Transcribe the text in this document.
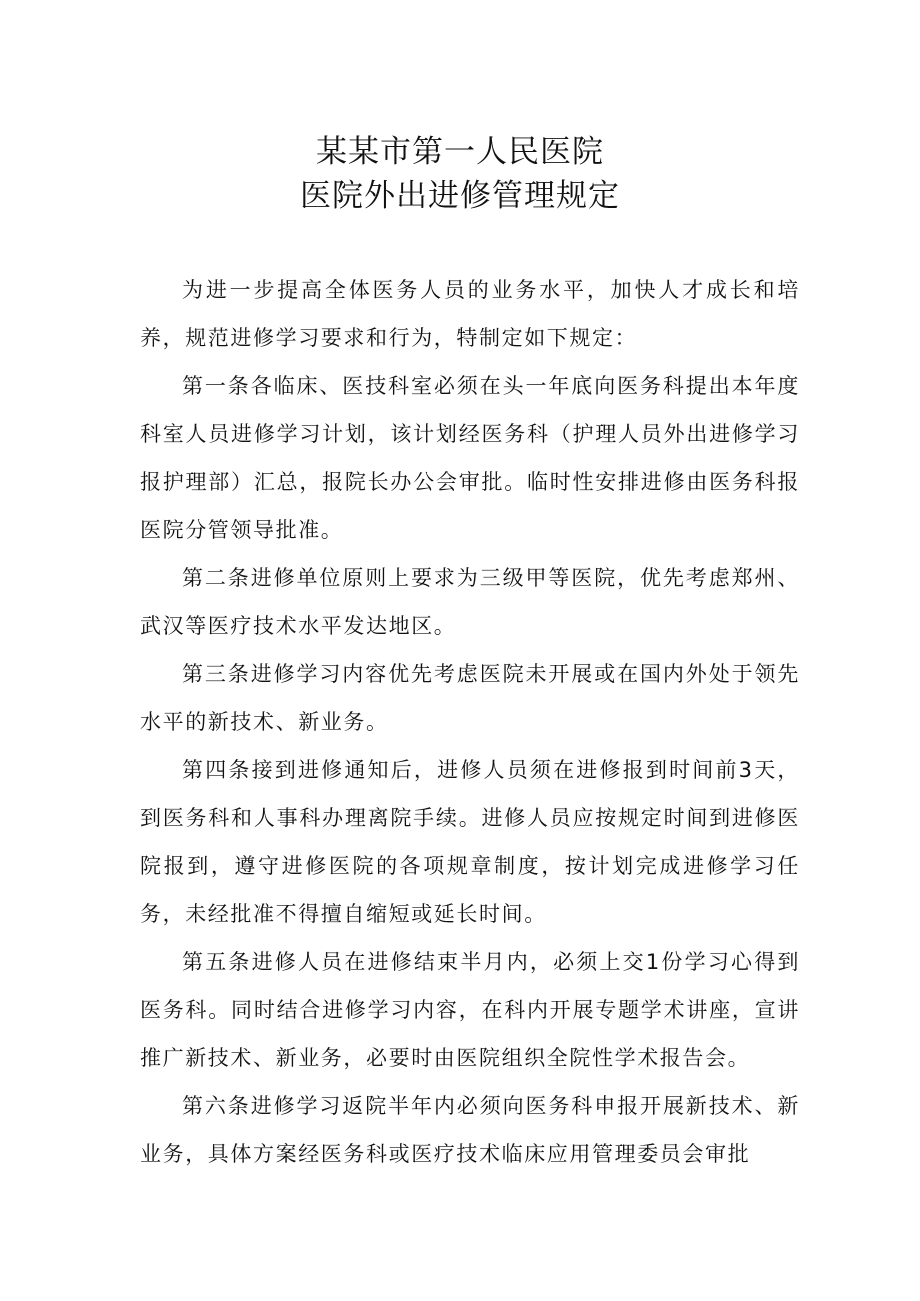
某某市第一人民医院
医院外出进修管理规定

为进一步提高全体医务人员的业务水平，加快人才成长和培养，规范进修学习要求和行为，特制定如下规定：

第一条各临床、医技科室必须在头一年底向医务科提出本年度科室人员进修学习计划，该计划经医务科（护理人员外出进修学习报护理部）汇总，报院长办公会审批。临时性安排进修由医务科报医院分管领导批准。

第二条进修单位原则上要求为三级甲等医院，优先考虑郑州、武汉等医疗技术水平发达地区。

第三条进修学习内容优先考虑医院未开展或在国内外处于领先水平的新技术、新业务。

第四条接到进修通知后，进修人员须在进修报到时间前3天，到医务科和人事科办理离院手续。进修人员应按规定时间到进修医院报到，遵守进修医院的各项规章制度，按计划完成进修学习任务，未经批准不得擅自缩短或延长时间。

第五条进修人员在进修结束半月内，必须上交1份学习心得到医务科。同时结合进修学习内容，在科内开展专题学术讲座，宣讲推广新技术、新业务，必要时由医院组织全院性学术报告会。

第六条进修学习返院半年内必须向医务科申报开展新技术、新业务，具体方案经医务科或医疗技术临床应用管理委员会审批
